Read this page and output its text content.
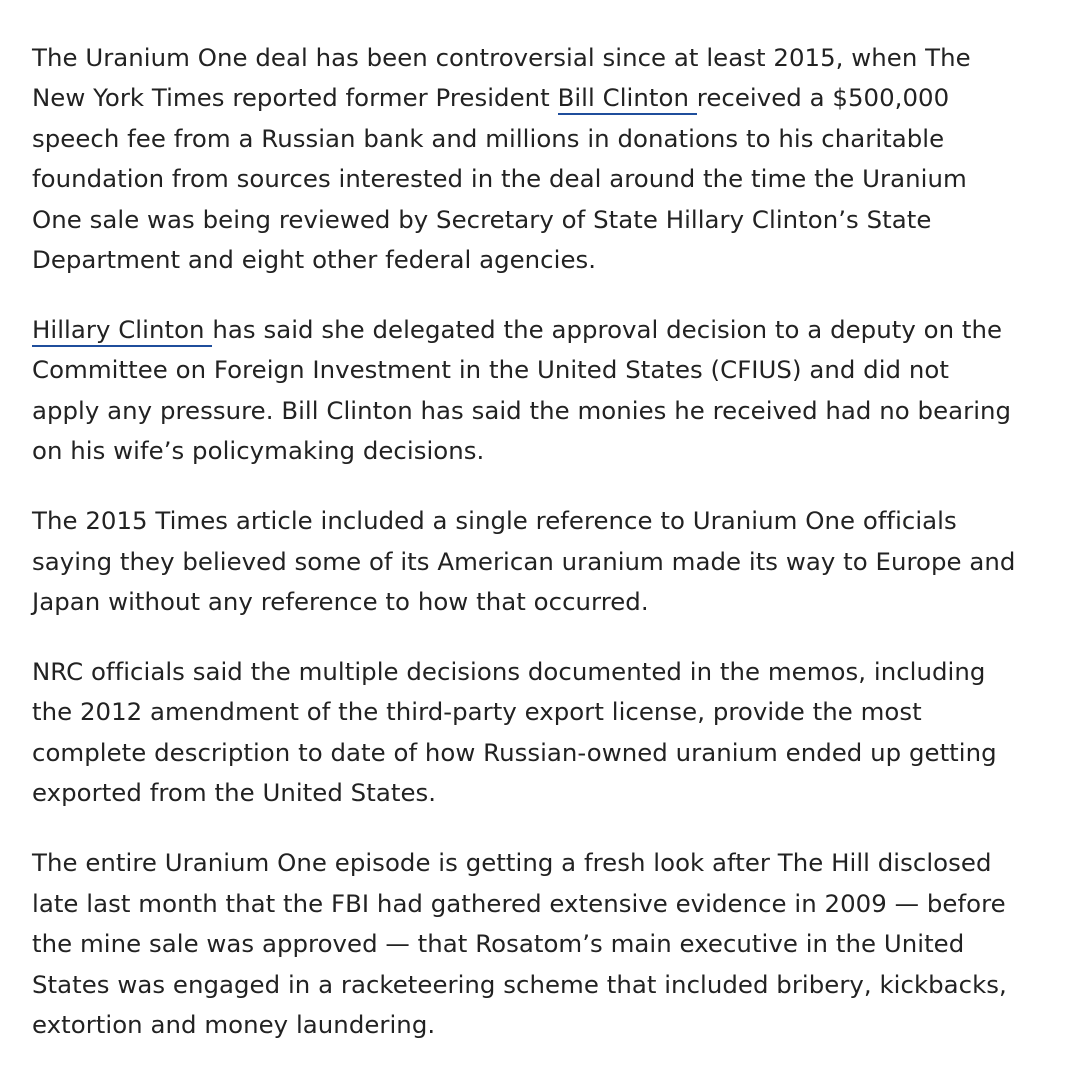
The Uranium One deal has been controversial since at least 2015, when The New York Times reported former President Bill Clinton received a $500,000 speech fee from a Russian bank and millions in donations to his charitable foundation from sources interested in the deal around the time the Uranium One sale was being reviewed by Secretary of State Hillary Clinton’s State Department and eight other federal agencies.

Hillary Clinton has said she delegated the approval decision to a deputy on the Committee on Foreign Investment in the United States (CFIUS) and did not apply any pressure. Bill Clinton has said the monies he received had no bearing on his wife’s policymaking decisions.

The 2015 Times article included a single reference to Uranium One officials saying they believed some of its American uranium made its way to Europe and Japan without any reference to how that occurred.

NRC officials said the multiple decisions documented in the memos, including the 2012 amendment of the third-party export license, provide the most complete description to date of how Russian-owned uranium ended up getting exported from the United States.

The entire Uranium One episode is getting a fresh look after The Hill disclosed late last month that the FBI had gathered extensive evidence in 2009 — before the mine sale was approved — that Rosatom’s main executive in the United States was engaged in a racketeering scheme that included bribery, kickbacks, extortion and money laundering.
